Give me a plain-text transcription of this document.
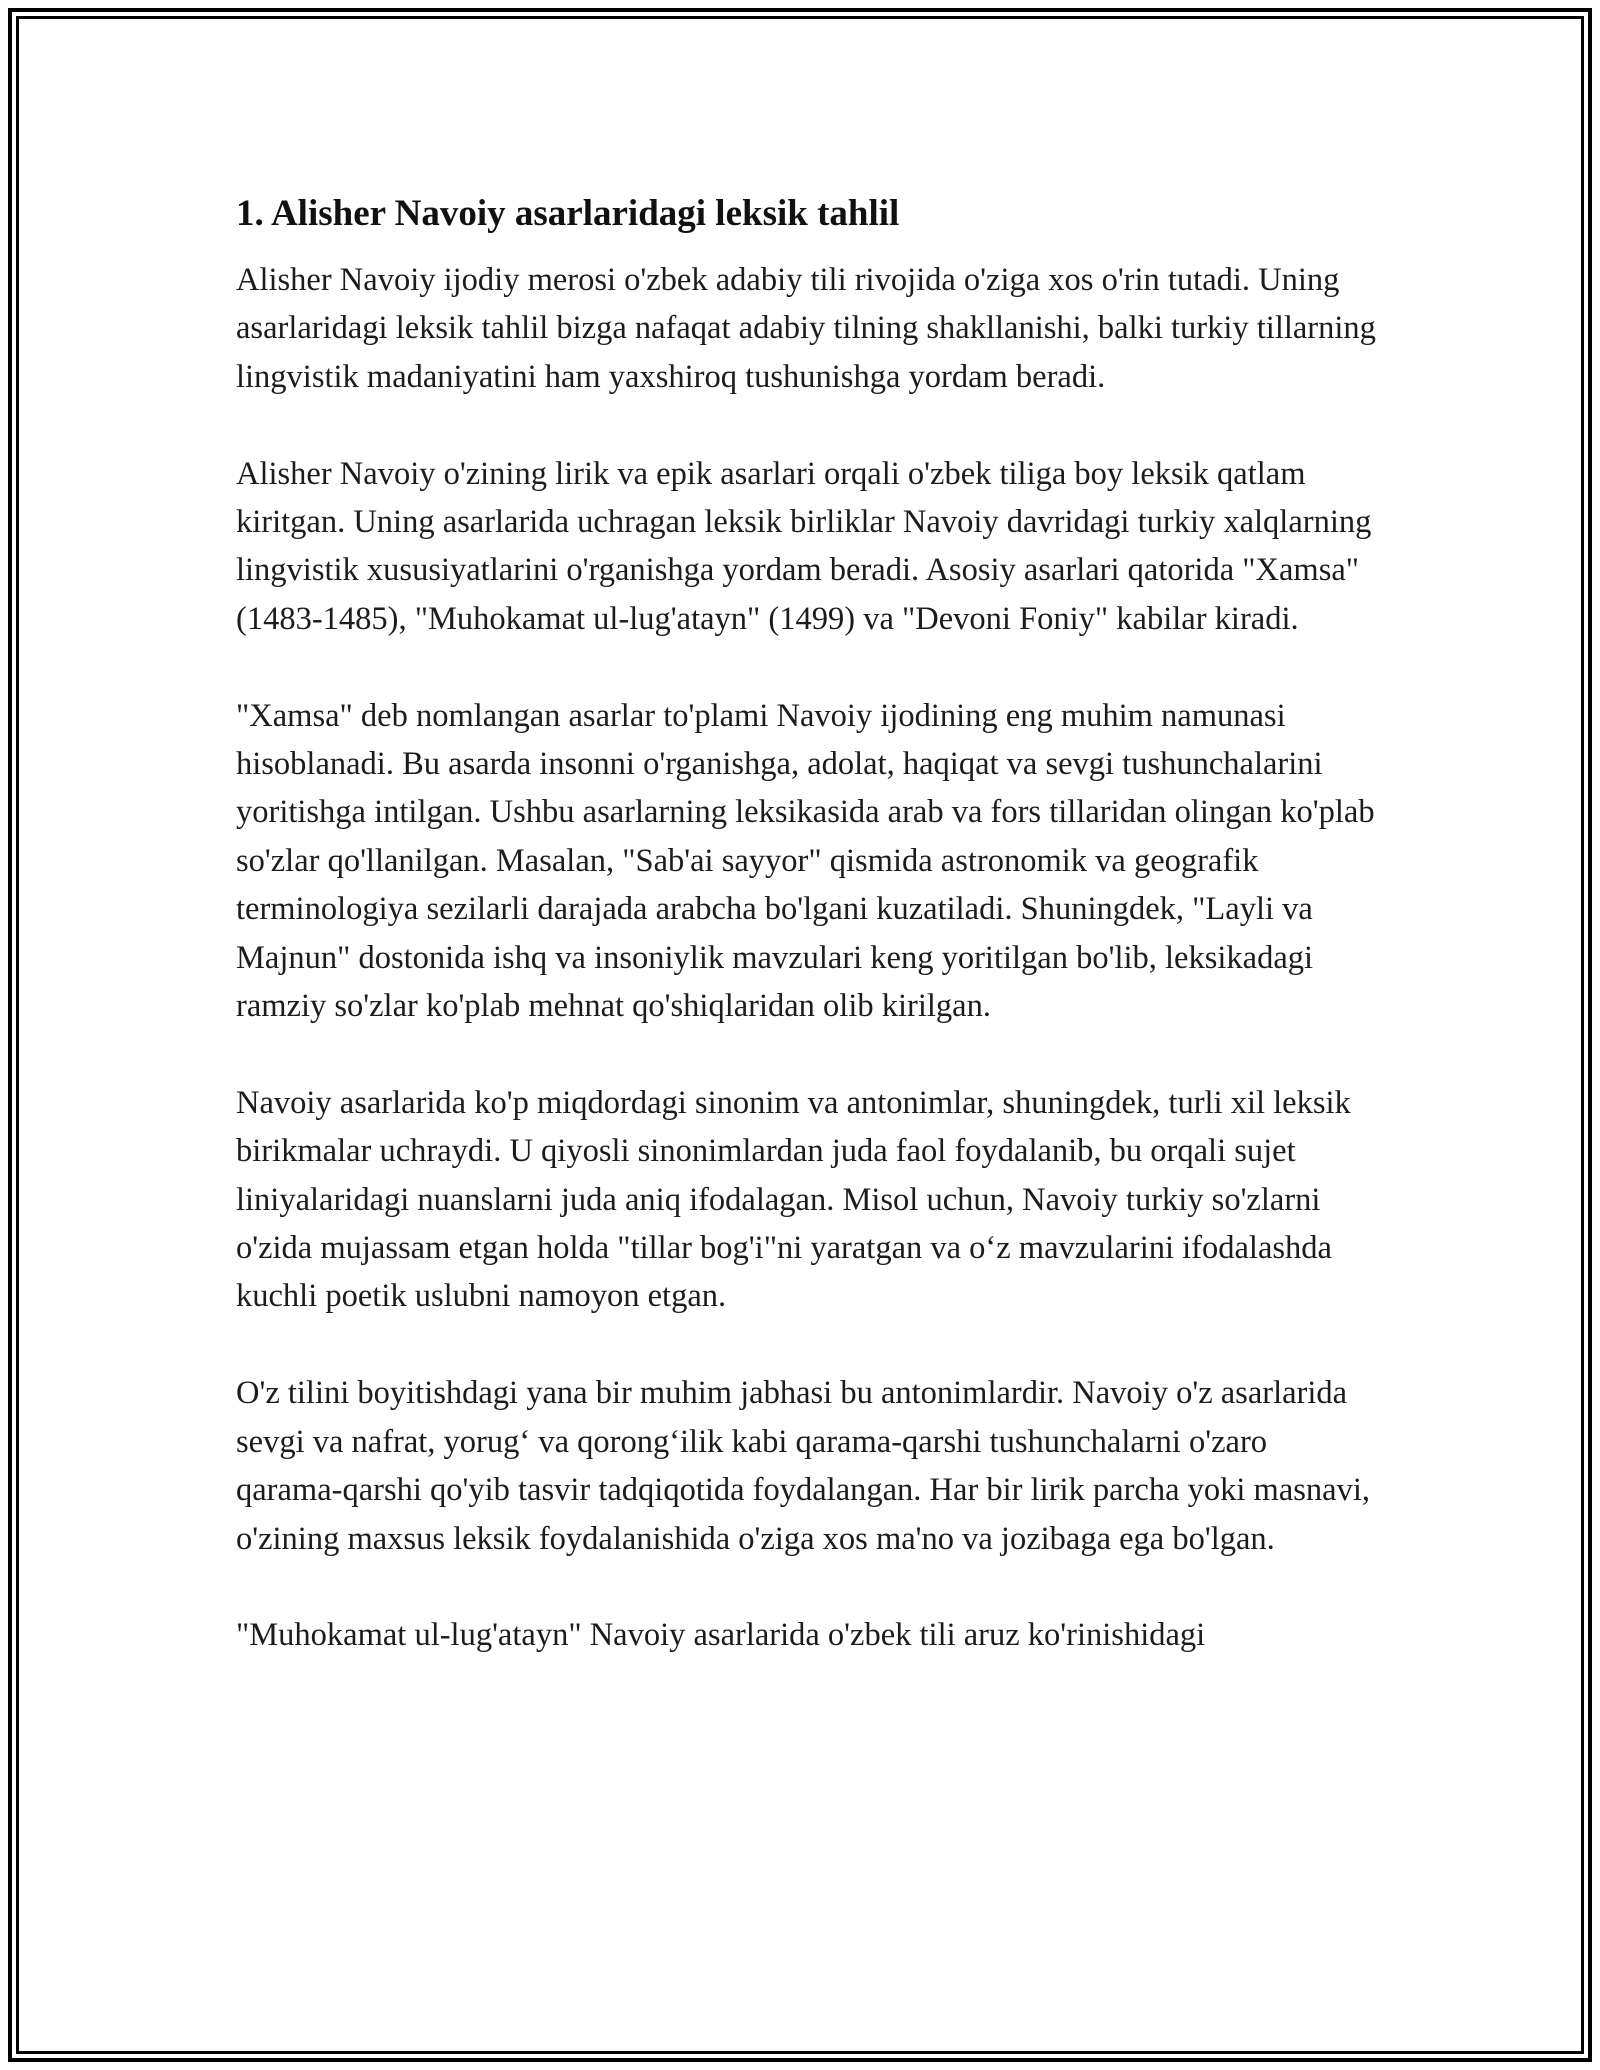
1. Alisher Navoiy asarlaridagi leksik tahlil

Alisher Navoiy ijodiy merosi o'zbek adabiy tili rivojida o'ziga xos o'rin tutadi. Uning asarlaridagi leksik tahlil bizga nafaqat adabiy tilning shakllanishi, balki turkiy tillarning lingvistik madaniyatini ham yaxshiroq tushunishga yordam beradi.

Alisher Navoiy o'zining lirik va epik asarlari orqali o'zbek tiliga boy leksik qatlam kiritgan. Uning asarlarida uchragan leksik birliklar Navoiy davridagi turkiy xalqlarning lingvistik xususiyatlarini o'rganishga yordam beradi. Asosiy asarlari qatorida "Xamsa" (1483-1485), "Muhokamat ul-lug'atayn" (1499) va "Devoni Foniy" kabilar kiradi.

"Xamsa" deb nomlangan asarlar to'plami Navoiy ijodining eng muhim namunasi hisoblanadi. Bu asarda insonni o'rganishga, adolat, haqiqat va sevgi tushunchalarini yoritishga intilgan. Ushbu asarlarning leksikasida arab va fors tillaridan olingan ko'plab so'zlar qo'llanilgan. Masalan, "Sab'ai sayyor" qismida astronomik va geografik terminologiya sezilarli darajada arabcha bo'lgani kuzatiladi. Shuningdek, "Layli va Majnun" dostonida ishq va insoniylik mavzulari keng yoritilgan bo'lib, leksikadagi ramziy so'zlar ko'plab mehnat qo'shiqlaridan olib kirilgan.

Navoiy asarlarida ko'p miqdordagi sinonim va antonimlar, shuningdek, turli xil leksik birikmalar uchraydi. U qiyosli sinonimlardan juda faol foydalanib, bu orqali sujet liniyalaridagi nuanslarni juda aniq ifodalagan. Misol uchun, Navoiy turkiy so'zlarni o'zida mujassam etgan holda "tillar bog'i"ni yaratgan va o‘z mavzularini ifodalashda kuchli poetik uslubni namoyon etgan.

O'z tilini boyitishdagi yana bir muhim jabhasi bu antonimlardir. Navoiy o'z asarlarida sevgi va nafrat, yorug‘ va qorong‘ilik kabi qarama-qarshi tushunchalarni o'zaro qarama-qarshi qo'yib tasvir tadqiqotida foydalangan. Har bir lirik parcha yoki masnavi, o'zining maxsus leksik foydalanishida o'ziga xos ma'no va jozibaga ega bo'lgan.

"Muhokamat ul-lug'atayn" Navoiy asarlarida o'zbek tili aruz ko'rinishidagi
